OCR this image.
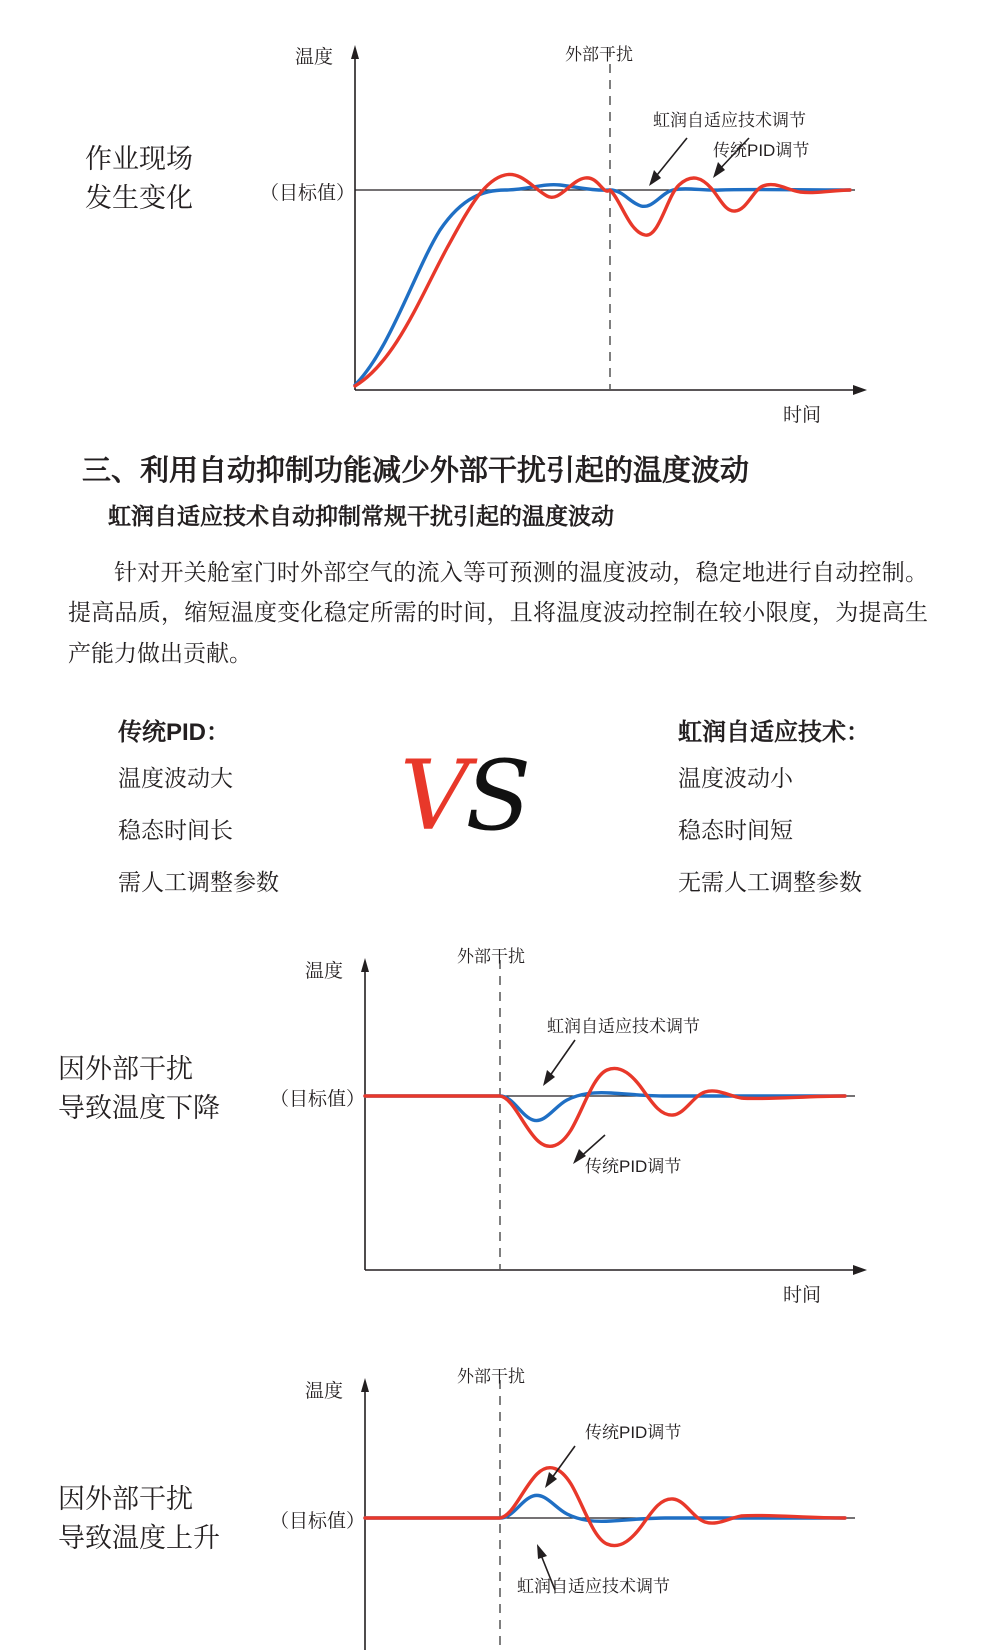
作业现场
发生变化
温度
时间
（目标值）
外部干扰
虹润自适应技术调节
传统PID调节
三、利用自动抑制功能减少外部干扰引起的温度波动
虹润自适应技术自动抑制常规干扰引起的温度波动
针对开关舱室门时外部空气的流入等可预测的温度波动，稳定地进行自动控制。提高品质，缩短温度变化稳定所需的时间，且将温度波动控制在较小限度，为提高生产能力做出贡献。
传统PID：
温度波动大
稳态时间长
需人工调整参数
VS
虹润自适应技术：
温度波动小
稳态时间短
无需人工调整参数
因外部干扰
导致温度下降
温度
时间
（目标值）
外部干扰
虹润自适应技术调节
传统PID调节
因外部干扰
导致温度上升
温度
（目标值）
外部干扰
传统PID调节
虹润自适应技术调节
